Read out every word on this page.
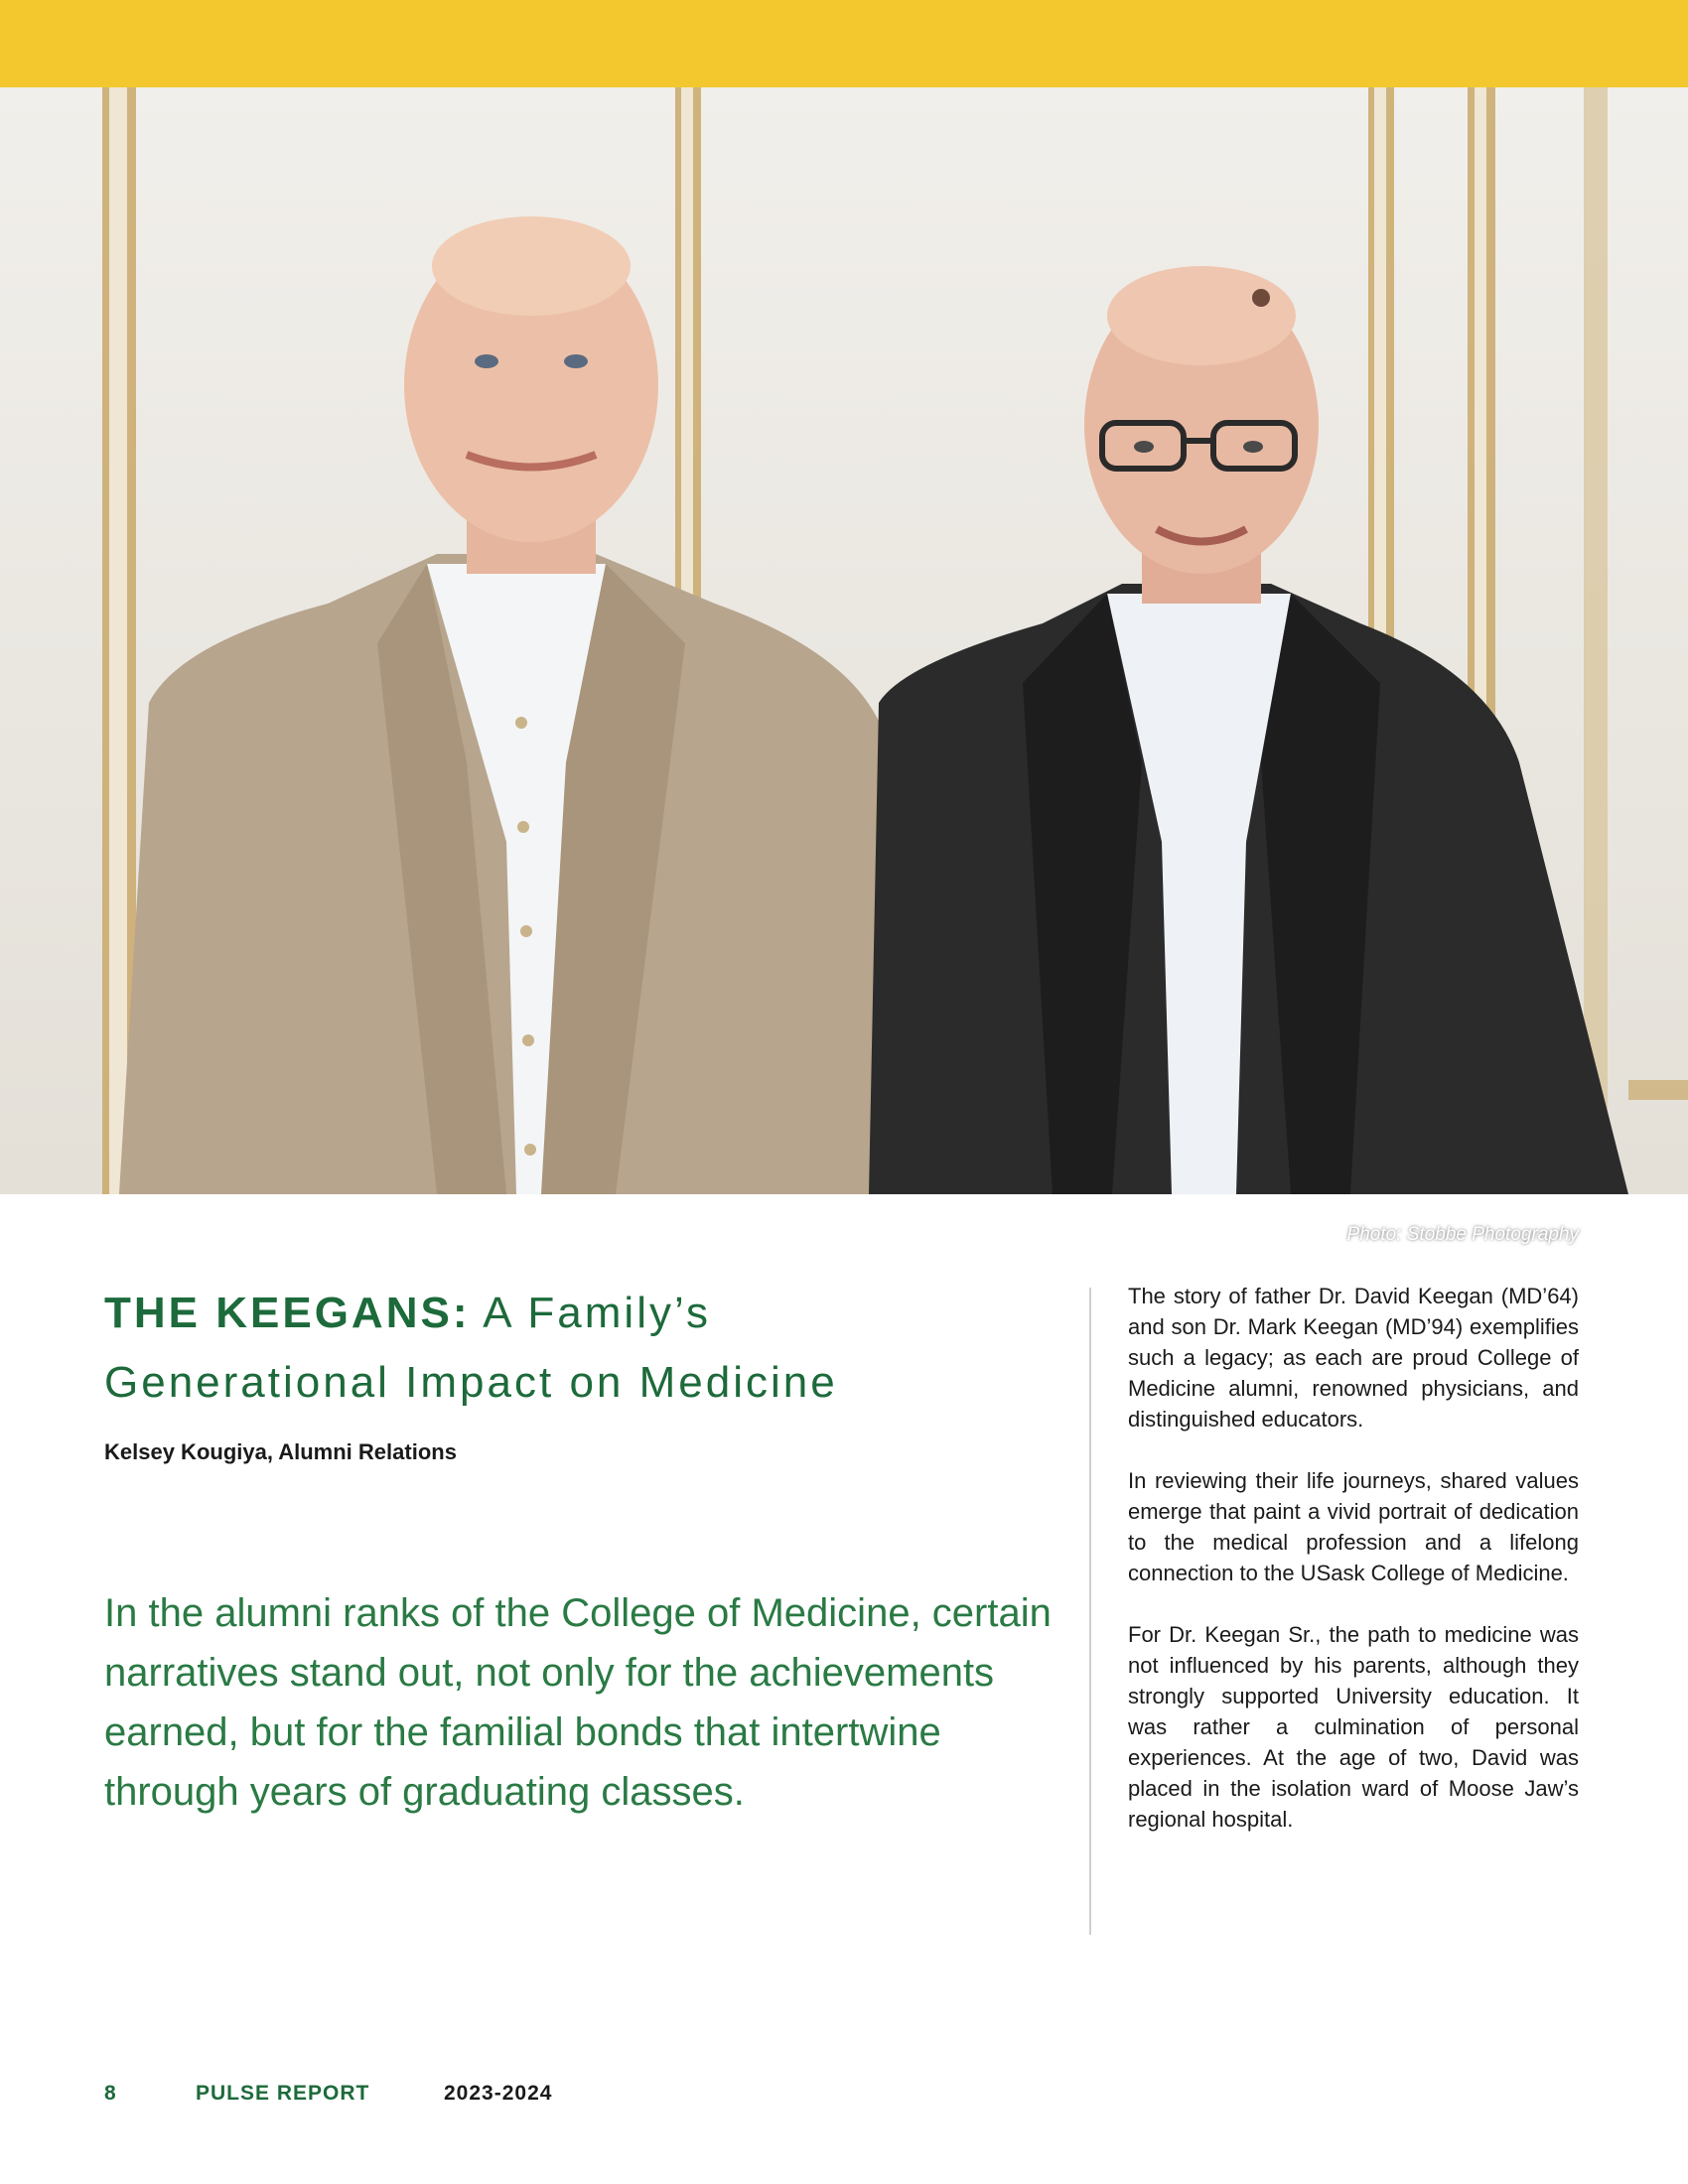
Photo: Stobbe Photography
THE KEEGANS: A Family’s
Generational Impact on Medicine
Kelsey Kougiya, Alumni Relations
In the alumni ranks of the College of Medicine, certain narratives stand out, not only for the achievements earned, but for the familial bonds that intertwine through years of graduating classes.

The story of father Dr. David Keegan (MD’64) and son Dr. Mark Keegan (MD’94) exemplifies such a legacy; as each are proud College of Medicine alumni, renowned physicians, and distinguished educators.

In reviewing their life journeys, shared values emerge that paint a vivid portrait of dedication to the medical profession and a lifelong connection to the USask College of Medicine.

For Dr. Keegan Sr., the path to medicine was not influenced by his parents, although they strongly supported University education. It was rather a culmination of personal experiences. At the age of two, David was placed in the isolation ward of Moose Jaw’s regional hospital.

8	PULSE REPORT	2023-2024
